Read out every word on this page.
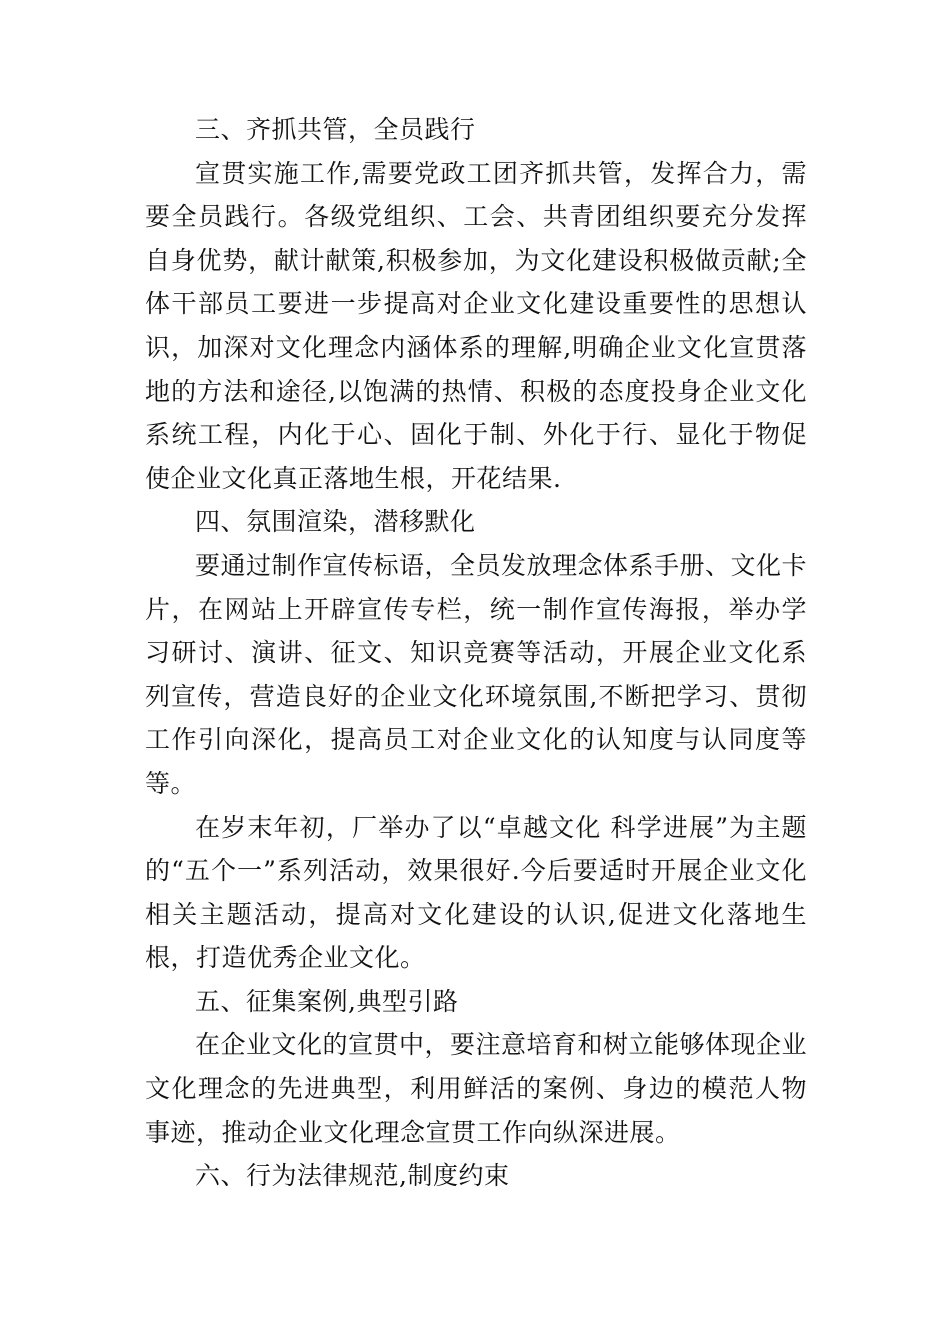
三、齐抓共管，全员践行

宣贯实施工作,需要党政工团齐抓共管，发挥合力，需要全员践行。各级党组织、工会、共青团组织要充分发挥自身优势，献计献策,积极参加，为文化建设积极做贡献;全体干部员工要进一步提高对企业文化建设重要性的思想认识，加深对文化理念内涵体系的理解,明确企业文化宣贯落地的方法和途径,以饱满的热情、积极的态度投身企业文化系统工程，内化于心、固化于制、外化于行、显化于物促使企业文化真正落地生根，开花结果.

四、氛围渲染，潜移默化

要通过制作宣传标语，全员发放理念体系手册、文化卡片，在网站上开辟宣传专栏，统一制作宣传海报，举办学习研讨、演讲、征文、知识竞赛等活动，开展企业文化系列宣传，营造良好的企业文化环境氛围,不断把学习、贯彻工作引向深化，提高员工对企业文化的认知度与认同度等等。

在岁末年初，厂举办了以“卓越文化 科学进展”为主题的“五个一”系列活动，效果很好.今后要适时开展企业文化相关主题活动，提高对文化建设的认识,促进文化落地生根，打造优秀企业文化。

五、征集案例,典型引路

在企业文化的宣贯中，要注意培育和树立能够体现企业文化理念的先进典型，利用鲜活的案例、身边的模范人物事迹，推动企业文化理念宣贯工作向纵深进展。

六、行为法律规范,制度约束
